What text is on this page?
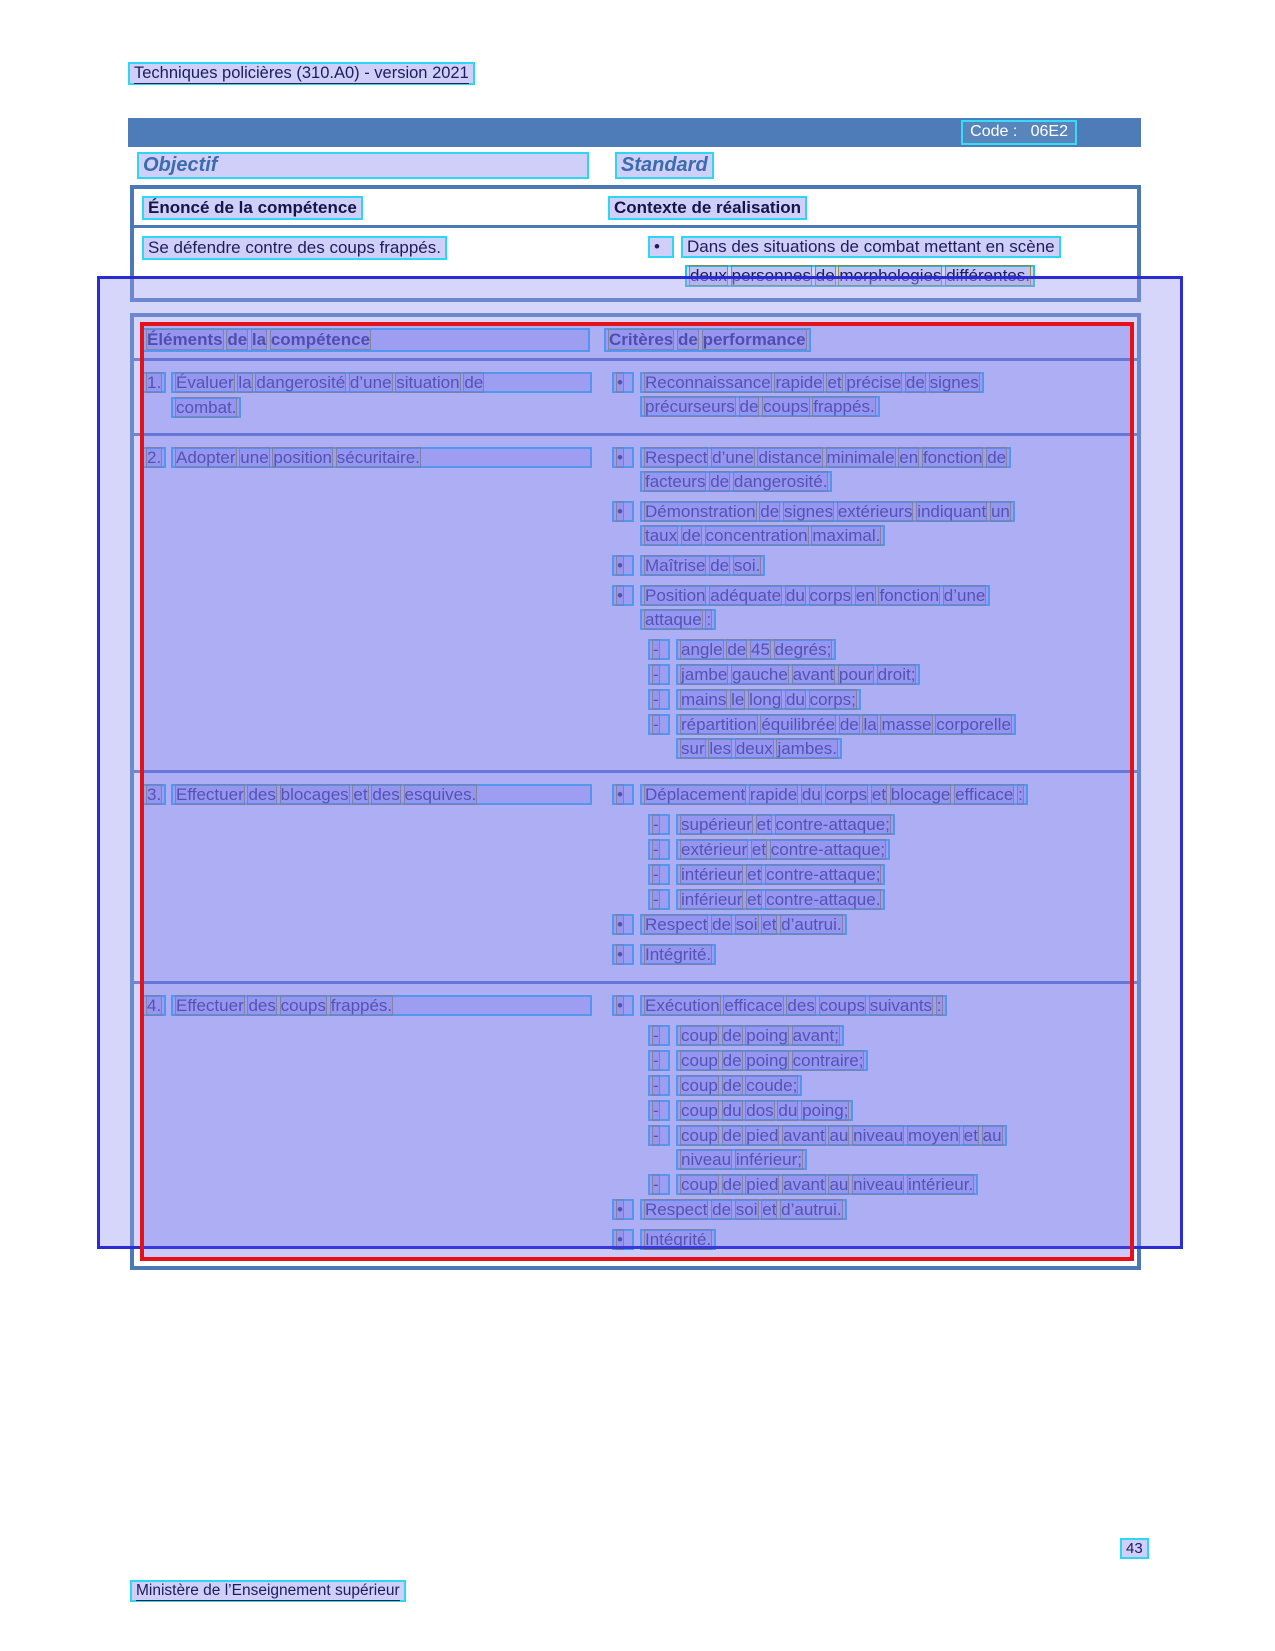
Techniques policières (310.A0) - version 2021
Code :   06E2
Objectif	Standard
Énoncé de la compétence	Contexte de réalisation
Se défendre contre des coups frappés.	•	Dans des situations de combat mettant en scène
deux personnes de morphologies différentes.
Éléments de la compétence	Critères de performance
1. Évaluer la dangerosité d’une situation de
combat.
•	Reconnaissance rapide et précise de signes
précurseurs de coups frappés.
2. Adopter une position sécuritaire.	•	Respect d’une distance minimale en fonction de
facteurs de dangerosité.
•	Démonstration de signes extérieurs indiquant un
taux de concentration maximal.
•	Maîtrise de soi.
•	Position adéquate du corps en fonction d’une
attaque :
-	angle de 45 degrés;
-	jambe gauche avant pour droit;
-	mains le long du corps;
-	répartition équilibrée de la masse corporelle
sur les deux jambes.
3. Effectuer des blocages et des esquives.	•	Déplacement rapide du corps et blocage efficace :
-	supérieur et contre-attaque;
-	extérieur et contre-attaque;
-	intérieur et contre-attaque;
-	inférieur et contre-attaque.
•	Respect de soi et d’autrui.
•	Intégrité.
4. Effectuer des coups frappés.	•	Exécution efficace des coups suivants :
-	coup de poing avant;
-	coup de poing contraire;
-	coup de coude;
-	coup du dos du poing;
-	coup de pied avant au niveau moyen et au
niveau inférieur;
-	coup de pied avant au niveau intérieur.
•	Respect de soi et d’autrui.
•	Intégrité.
43
Ministère de l’Enseignement supérieur
